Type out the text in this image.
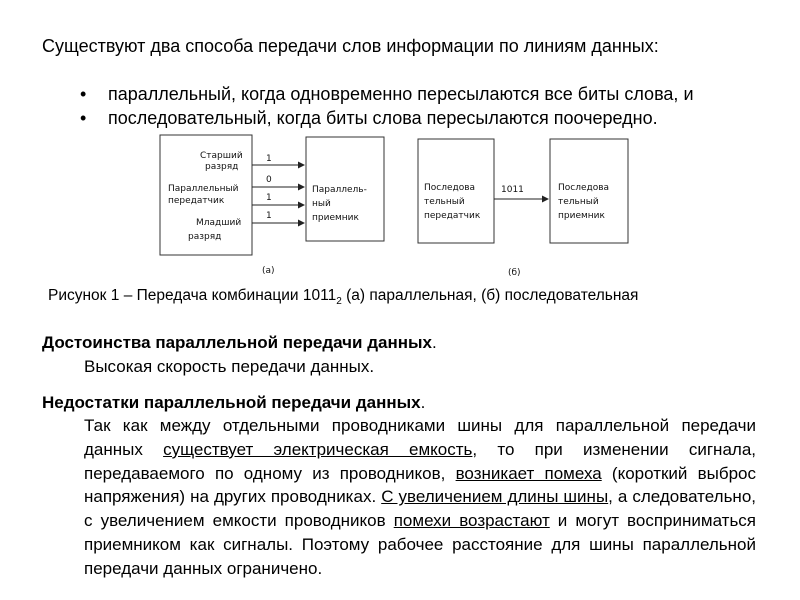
Существуют два способа передачи слов информации по линиям данных:
• параллельный, когда одновременно пересылаются все биты слова, и
• последовательный, когда биты слова пересылаются поочередно.
Старший
разряд
Параллельный
передатчик
Младший
разряд
1
0
1
1
Параллель-
ный
приемник
(а)
Последова
тельный
передатчик
1011	Последова
тельный
приемник
(б)
Рисунок 1 – Передача комбинации $1011_2$ (а) параллельная, (б) последовательная
Достоинства параллельной передачи данных.
Высокая скорость передачи данных.
Недостатки параллельной передачи данных.
Так как между отдельными проводниками шины для параллельной передачи данных существует электрическая емкость, то при изменении сигнала, передаваемого по одному из проводников, возникает помеха (короткий выброс напряжения) на других проводниках. С увеличением длины шины, а следовательно, с увеличением емкости проводников помехи возрастают и могут восприниматься приемником как сигналы. Поэтому рабочее расстояние для шины параллельной передачи данных ограничено.
